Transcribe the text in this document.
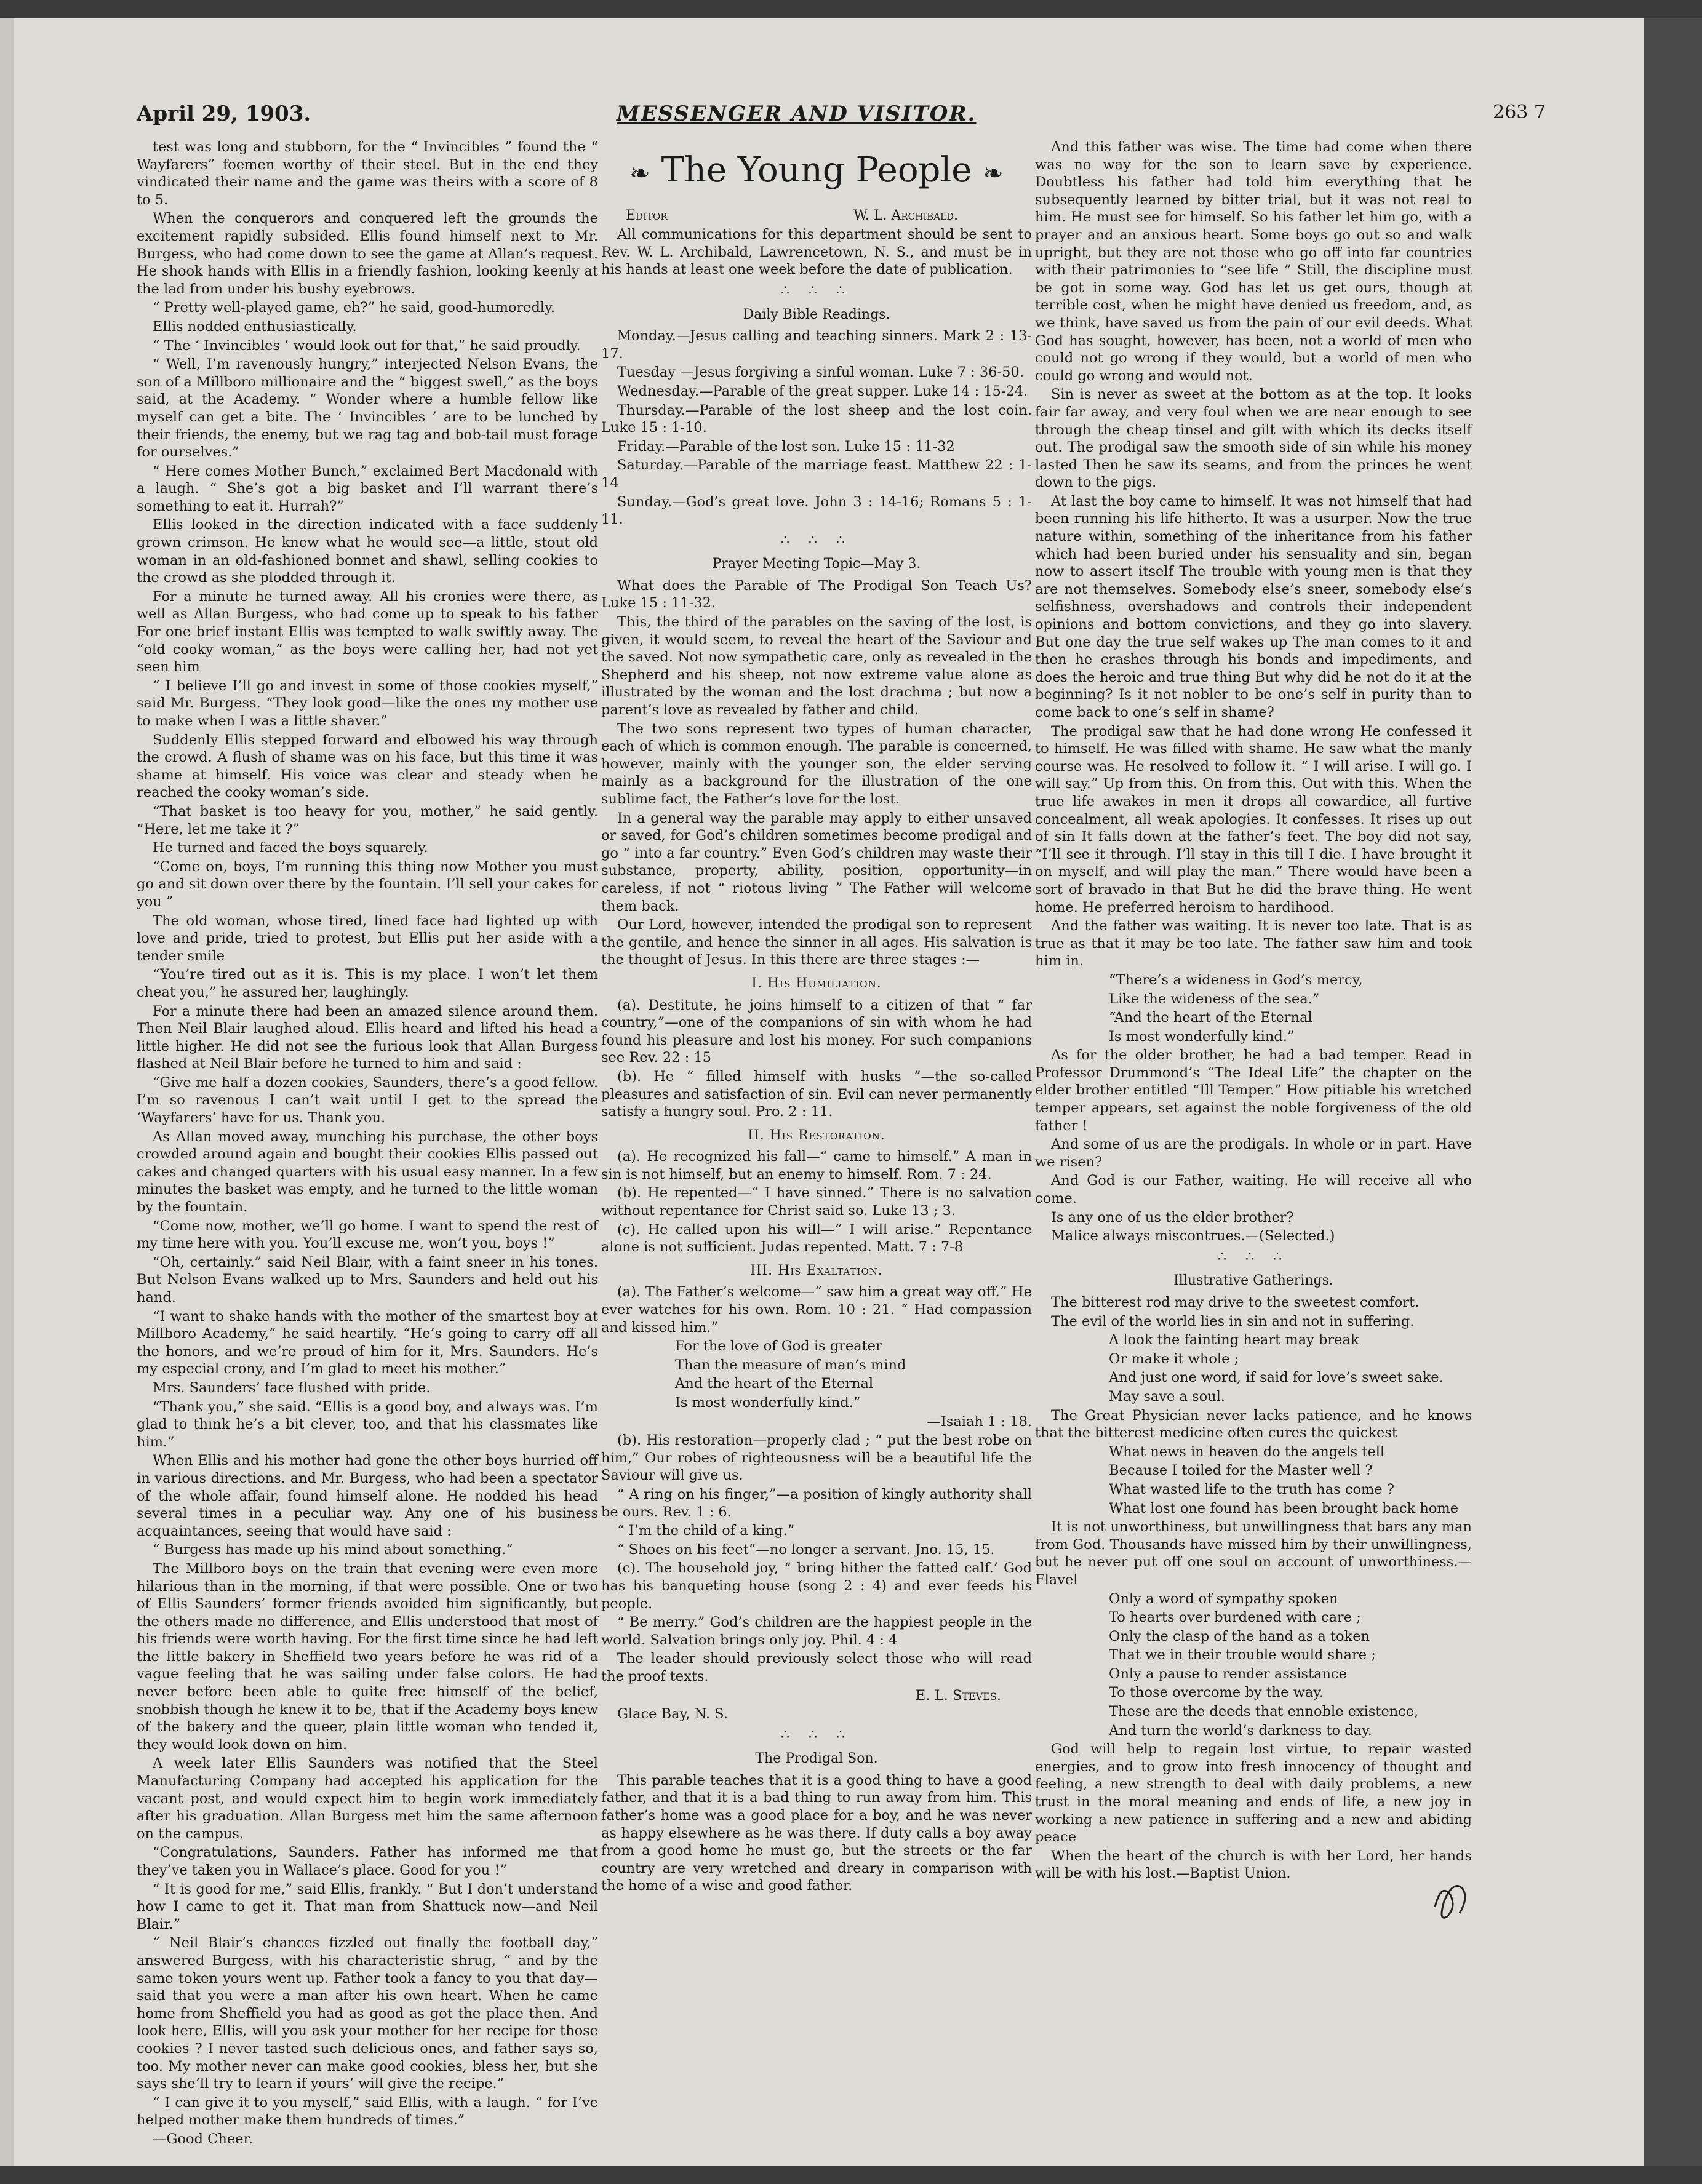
April 29, 1903.	MESSENGER AND VISITOR.	263 7

test was long and stubborn, for the “ Invincibles ” found the “ Wayfarers” foemen worthy of their steel. But in the end they vindicated their name and the game was theirs with a score of 8 to 5.

When the conquerors and conquered left the grounds the excitement rapidly subsided. Ellis found himself next to Mr. Burgess, who had come down to see the game at Allan’s request. He shook hands with Ellis in a friendly fashion, looking keenly at the lad from under his bushy eyebrows.

“ Pretty well-played game, eh?” he said, good-humoredly.

Ellis nodded enthusiastically.

“ The ‘ Invincibles ’ would look out for that,” he said proudly.

“ Well, I’m ravenously hungry,” interjected Nelson Evans, the son of a Millboro millionaire and the “ biggest swell,” as the boys said, at the Academy. “ Wonder where a humble fellow like myself can get a bite. The ‘ Invincibles ’ are to be lunched by their friends, the enemy, but we rag tag and bob-tail must forage for ourselves.”

“ Here comes Mother Bunch,” exclaimed Bert Macdonald with a laugh. “ She’s got a big basket and I’ll warrant there’s something to eat it. Hurrah?”

Ellis looked in the direction indicated with a face suddenly grown crimson. He knew what he would see—a little, stout old woman in an old-fashioned bonnet and shawl, selling cookies to the crowd as she plodded through it.

For a minute he turned away. All his cronies were there, as well as Allan Burgess, who had come up to speak to his father For one brief instant Ellis was tempted to walk swiftly away. The “old cooky woman,” as the boys were calling her, had not yet seen him

“ I believe I’ll go and invest in some of those cookies myself,” said Mr. Burgess. “They look good—like the ones my mother use to make when I was a little shaver.”

Suddenly Ellis stepped forward and elbowed his way through the crowd. A flush of shame was on his face, but this time it was shame at himself. His voice was clear and steady when he reached the cooky woman’s side.

“That basket is too heavy for you, mother,” he said gently. “Here, let me take it ?”

He turned and faced the boys squarely.

“Come on, boys, I’m running this thing now Mother you must go and sit down over there by the fountain. I’ll sell your cakes for you ”

The old woman, whose tired, lined face had lighted up with love and pride, tried to protest, but Ellis put her aside with a tender smile

“You’re tired out as it is. This is my place. I won’t let them cheat you,” he assured her, laughingly.

For a minute there had been an amazed silence around them. Then Neil Blair laughed aloud. Ellis heard and lifted his head a little higher. He did not see the furious look that Allan Burgess flashed at Neil Blair before he turned to him and said :

“Give me half a dozen cookies, Saunders, there’s a good fellow. I’m so ravenous I can’t wait until I get to the spread the ‘Wayfarers’ have for us. Thank you.

As Allan moved away, munching his purchase, the other boys crowded around again and bought their cookies Ellis passed out cakes and changed quarters with his usual easy manner. In a few minutes the basket was empty, and he turned to the little woman by the fountain.

“Come now, mother, we’ll go home. I want to spend the rest of my time here with you. You’ll excuse me, won’t you, boys !”

“Oh, certainly.” said Neil Blair, with a faint sneer in his tones. But Nelson Evans walked up to Mrs. Saunders and held out his hand.

“I want to shake hands with the mother of the smartest boy at Millboro Academy,” he said heartily. “He’s going to carry off all the honors, and we’re proud of him for it, Mrs. Saunders. He’s my especial crony, and I’m glad to meet his mother.”

Mrs. Saunders’ face flushed with pride.

“Thank you,” she said. “Ellis is a good boy, and always was. I’m glad to think he’s a bit clever, too, and that his classmates like him.”

When Ellis and his mother had gone the other boys hurried off in various directions. and Mr. Burgess, who had been a spectator of the whole affair, found himself alone. He nodded his head several times in a peculiar way. Any one of his business acquaintances, seeing that would have said :

“ Burgess has made up his mind about something.”

The Millboro boys on the train that evening were even more hilarious than in the morning, if that were possible. One or two of Ellis Saunders’ former friends avoided him significantly, but the others made no difference, and Ellis understood that most of his friends were worth having. For the first time since he had left the little bakery in Sheffield two years before he was rid of a vague feeling that he was sailing under false colors. He had never before been able to quite free himself of the belief, snobbish though he knew it to be, that if the Academy boys knew of the bakery and the queer, plain little woman who tended it, they would look down on him.

A week later Ellis Saunders was notified that the Steel Manufacturing Company had accepted his application for the vacant post, and would expect him to begin work immediately after his graduation. Allan Burgess met him the same afternoon on the campus.

“Congratulations, Saunders. Father has informed me that they’ve taken you in Wallace’s place. Good for you !”

“ It is good for me,” said Ellis, frankly. “ But I don’t understand how I came to get it. That man from Shattuck now—and Neil Blair.”

“ Neil Blair’s chances fizzled out finally the football day,” answered Burgess, with his characteristic shrug, “ and by the same token yours went up. Father took a fancy to you that day—said that you were a man after his own heart. When he came home from Sheffield you had as good as got the place then. And look here, Ellis, will you ask your mother for her recipe for those cookies ? I never tasted such delicious ones, and father says so, too. My mother never can make good cookies, bless her, but she says she’ll try to learn if yours’ will give the recipe.”

“ I can give it to you myself,” said Ellis, with a laugh. “ for I’ve helped mother make them hundreds of times.”

—Good Cheer.

❧ The Young People ❧
Editor	W. L. Archibald.

All communications for this department should be sent to Rev. W. L. Archibald, Lawrencetown, N. S., and must be in his hands at least one week before the date of publication.

∴ ∴ ∴
Daily Bible Readings.

Monday.—Jesus calling and teaching sinners. Mark 2 : 13-17.

Tuesday —Jesus forgiving a sinful woman. Luke 7 : 36-50.

Wednesday.—Parable of the great supper. Luke 14 : 15-24.

Thursday.—Parable of the lost sheep and the lost coin. Luke 15 : 1-10.

Friday.—Parable of the lost son. Luke 15 : 11-32

Saturday.—Parable of the marriage feast. Matthew 22 : 1-14

Sunday.—God’s great love. John 3 : 14-16; Romans 5 : 1-11.

∴ ∴ ∴
Prayer Meeting Topic—May 3.

What does the Parable of The Prodigal Son Teach Us? Luke 15 : 11-32.

This, the third of the parables on the saving of the lost, is given, it would seem, to reveal the heart of the Saviour and the saved. Not now sympathetic care, only as revealed in the Shepherd and his sheep, not now extreme value alone as illustrated by the woman and the lost drachma ; but now a parent’s love as revealed by father and child.

The two sons represent two types of human character, each of which is common enough. The parable is concerned, however, mainly with the younger son, the elder serving mainly as a background for the illustration of the one sublime fact, the Father’s love for the lost.

In a general way the parable may apply to either unsaved or saved, for God’s children sometimes become prodigal and go “ into a far country.” Even God’s children may waste their substance, property, ability, position, opportunity—in careless, if not “ riotous living ” The Father will welcome them back.

Our Lord, however, intended the prodigal son to represent the gentile, and hence the sinner in all ages. His salvation is the thought of Jesus. In this there are three stages :—

I. His Humiliation.

(a). Destitute, he joins himself to a citizen of that “ far country,”—one of the companions of sin with whom he had found his pleasure and lost his money. For such companions see Rev. 22 : 15

(b). He “ filled himself with husks ”—the so-called pleasures and satisfaction of sin. Evil can never permanently satisfy a hungry soul. Pro. 2 : 11.

II. His Restoration.

(a). He recognized his fall—“ came to himself.” A man in sin is not himself, but an enemy to himself. Rom. 7 : 24.

(b). He repented—“ I have sinned.” There is no salvation without repentance for Christ said so. Luke 13 ; 3.

(c). He called upon his will—“ I will arise.” Repentance alone is not sufficient. Judas repented. Matt. 7 : 7-8

III. His Exaltation.

(a). The Father’s welcome—“ saw him a great way off.” He ever watches for his own. Rom. 10 : 21. “ Had compassion and kissed him.”

For the love of God is greater

Than the measure of man’s mind

And the heart of the Eternal

Is most wonderfully kind.”

—Isaiah 1 : 18.

(b). His restoration—properly clad ; “ put the best robe on him,” Our robes of righteousness will be a beautiful life the Saviour will give us.

“ A ring on his finger,”—a position of kingly authority shall be ours. Rev. 1 : 6.

“ I’m the child of a king.”

“ Shoes on his feet”—no longer a servant. Jno. 15, 15.

(c). The household joy, “ bring hither the fatted calf.’ God has his banqueting house (song 2 : 4) and ever feeds his people.

“ Be merry.” God’s children are the happiest people in the world. Salvation brings only joy. Phil. 4 : 4

The leader should previously select those who will read the proof texts.

E. L. Steves.

Glace Bay, N. S.

∴ ∴ ∴
The Prodigal Son.

This parable teaches that it is a good thing to have a good father, and that it is a bad thing to run away from him. This father’s home was a good place for a boy, and he was never as happy elsewhere as he was there. If duty calls a boy away from a good home he must go, but the streets or the far country are very wretched and dreary in comparison with the home of a wise and good father.

And this father was wise. The time had come when there was no way for the son to learn save by experience. Doubtless his father had told him everything that he subsequently learned by bitter trial, but it was not real to him. He must see for himself. So his father let him go, with a prayer and an anxious heart. Some boys go out so and walk upright, but they are not those who go off into far countries with their patrimonies to “see life ” Still, the discipline must be got in some way. God has let us get ours, though at terrible cost, when he might have denied us freedom, and, as we think, have saved us from the pain of our evil deeds. What God has sought, however, has been, not a world of men who could not go wrong if they would, but a world of men who could go wrong and would not.

Sin is never as sweet at the bottom as at the top. It looks fair far away, and very foul when we are near enough to see through the cheap tinsel and gilt with which its decks itself out. The prodigal saw the smooth side of sin while his money lasted Then he saw its seams, and from the princes he went down to the pigs.

At last the boy came to himself. It was not himself that had been running his life hitherto. It was a usurper. Now the true nature within, something of the inheritance from his father which had been buried under his sensuality and sin, began now to assert itself The trouble with young men is that they are not themselves. Somebody else’s sneer, somebody else’s selfishness, overshadows and controls their independent opinions and bottom convictions, and they go into slavery. But one day the true self wakes up The man comes to it and then he crashes through his bonds and impediments, and does the heroic and true thing But why did he not do it at the beginning? Is it not nobler to be one’s self in purity than to come back to one’s self in shame?

The prodigal saw that he had done wrong He confessed it to himself. He was filled with shame. He saw what the manly course was. He resolved to follow it. “ I will arise. I will go. I will say.” Up from this. On from this. Out with this. When the true life awakes in men it drops all cowardice, all furtive concealment, all weak apologies. It confesses. It rises up out of sin It falls down at the father’s feet. The boy did not say, “I’ll see it through. I’ll stay in this till I die. I have brought it on myself, and will play the man.” There would have been a sort of bravado in that But he did the brave thing. He went home. He preferred heroism to hardihood.

And the father was waiting. It is never too late. That is as true as that it may be too late. The father saw him and took him in.

“There’s a wideness in God’s mercy,

Like the wideness of the sea.”

“And the heart of the Eternal

Is most wonderfully kind.”

As for the older brother, he had a bad temper. Read in Professor Drummond’s “The Ideal Life” the chapter on the elder brother entitled “Ill Temper.” How pitiable his wretched temper appears, set against the noble forgiveness of the old father !

And some of us are the prodigals. In whole or in part. Have we risen?

And God is our Father, waiting. He will receive all who come.

Is any one of us the elder brother?

Malice always miscontrues.—(Selected.)

∴ ∴ ∴
Illustrative Gatherings.

The bitterest rod may drive to the sweetest comfort.

The evil of the world lies in sin and not in suffering.

A look the fainting heart may break

Or make it whole ;

And just one word, if said for love’s sweet sake.

May save a soul.

The Great Physician never lacks patience, and he knows that the bitterest medicine often cures the quickest

What news in heaven do the angels tell

Because I toiled for the Master well ?

What wasted life to the truth has come ?

What lost one found has been brought back home

It is not unworthiness, but unwillingness that bars any man from God. Thousands have missed him by their unwillingness, but he never put off one soul on account of unworthiness.—Flavel

Only a word of sympathy spoken

To hearts over burdened with care ;

Only the clasp of the hand as a token

That we in their trouble would share ;

Only a pause to render assistance

To those overcome by the way.

These are the deeds that ennoble existence,

And turn the world’s darkness to day.

God will help to regain lost virtue, to repair wasted energies, and to grow into fresh innocency of thought and feeling, a new strength to deal with daily problems, a new trust in the moral meaning and ends of life, a new joy in working a new patience in suffering and a new and abiding peace

When the heart of the church is with her Lord, her hands will be with his lost.—Baptist Union.
